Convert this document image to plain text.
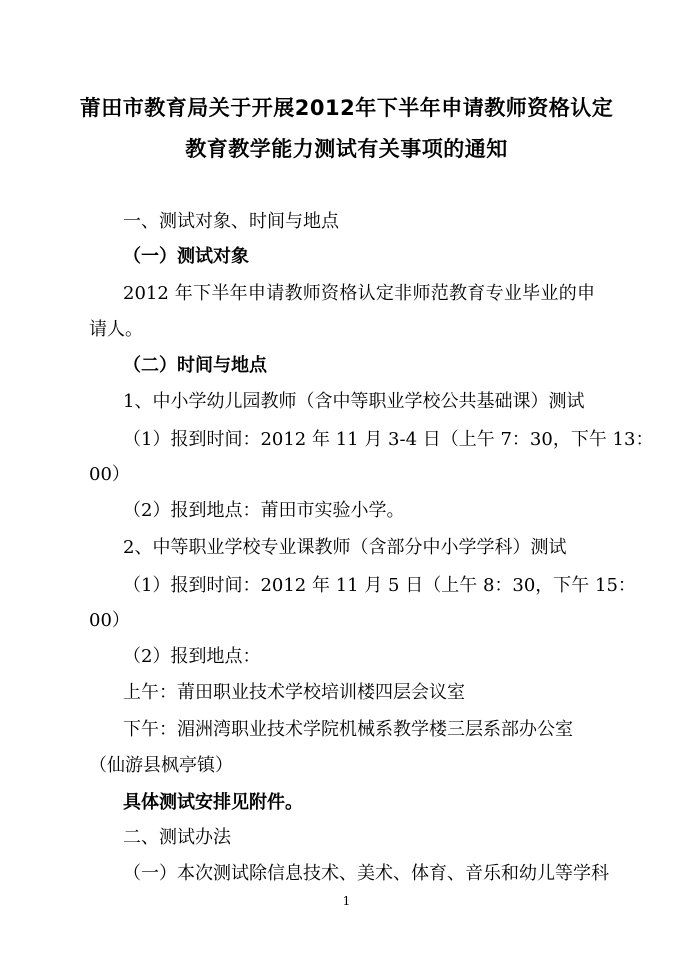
莆田市教育局关于开展2012年下半年申请教师资格认定
教育教学能力测试有关事项的通知
一、测试对象、时间与地点
（一）测试对象
2012 年下半年申请教师资格认定非师范教育专业毕业的申
请人。
（二）时间与地点
1、中小学幼儿园教师（含中等职业学校公共基础课）测试
（1）报到时间：2012 年 11 月 3-4 日（上午 7：30，下午 13：
00）
（2）报到地点：莆田市实验小学。
2、中等职业学校专业课教师（含部分中小学学科）测试
（1）报到时间：2012 年 11 月 5 日（上午 8：30，下午 15：
00）
（2）报到地点：
上午：莆田职业技术学校培训楼四层会议室
下午：湄洲湾职业技术学院机械系教学楼三层系部办公室
（仙游县枫亭镇）
具体测试安排见附件。
二、测试办法
（一）本次测试除信息技术、美术、体育、音乐和幼儿等学科
1
